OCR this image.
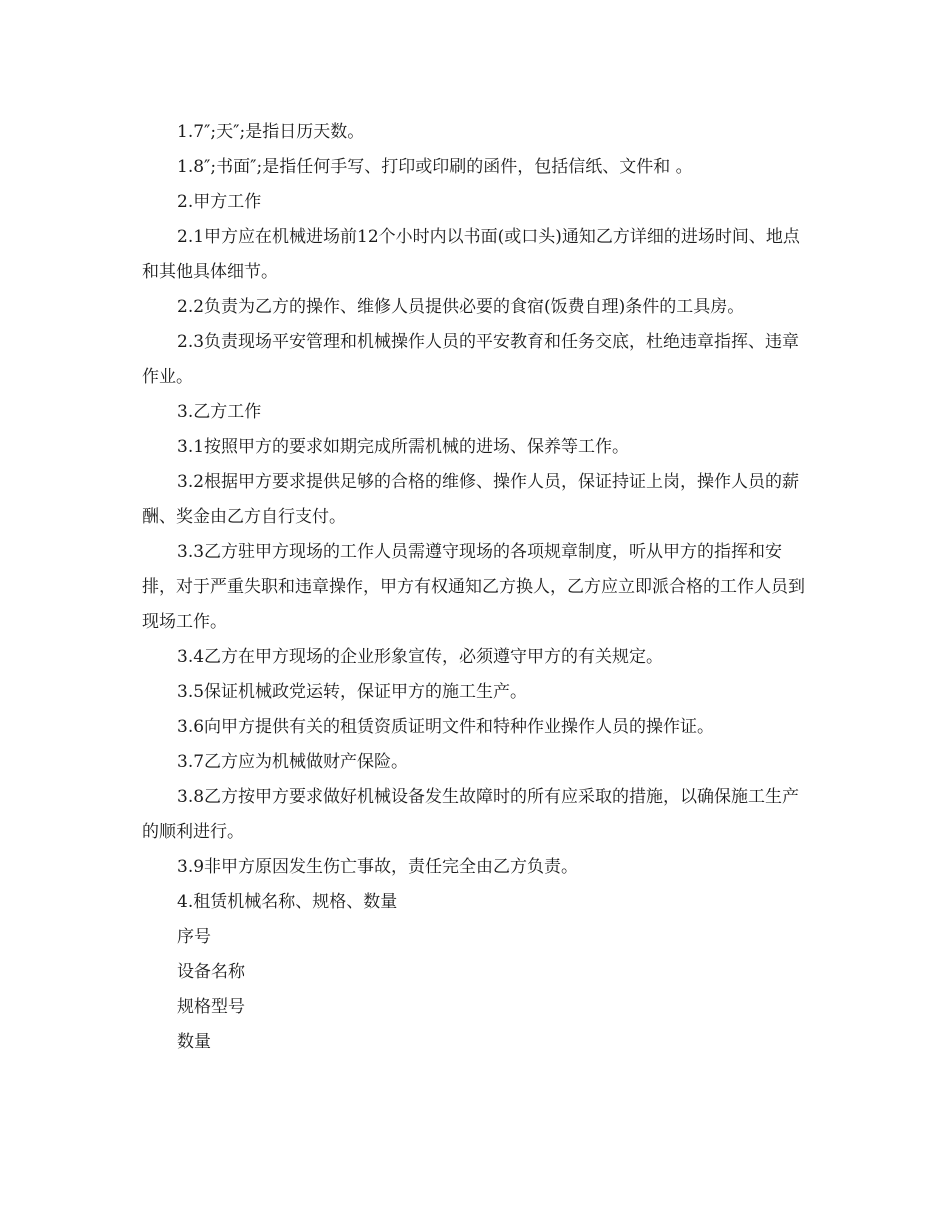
1.7″;天″;是指日历天数。

1.8″;书面″;是指任何手写、打印或印刷的函件，包括信纸、文件和 。

2.甲方工作

2.1甲方应在机械进场前12个小时内以书面(或口头)通知乙方详细的进场时间、地点和其他具体细节。

2.2负责为乙方的操作、维修人员提供必要的食宿(饭费自理)条件的工具房。

2.3负责现场平安管理和机械操作人员的平安教育和任务交底，杜绝违章指挥、违章作业。

3.乙方工作

3.1按照甲方的要求如期完成所需机械的进场、保养等工作。

3.2根据甲方要求提供足够的合格的维修、操作人员，保证持证上岗，操作人员的薪酬、奖金由乙方自行支付。

3.3乙方驻甲方现场的工作人员需遵守现场的各项规章制度，听从甲方的指挥和安排，对于严重失职和违章操作，甲方有权通知乙方换人，乙方应立即派合格的工作人员到现场工作。

3.4乙方在甲方现场的企业形象宣传，必须遵守甲方的有关规定。

3.5保证机械政党运转，保证甲方的施工生产。

3.6向甲方提供有关的租赁资质证明文件和特种作业操作人员的操作证。

3.7乙方应为机械做财产保险。

3.8乙方按甲方要求做好机械设备发生故障时的所有应采取的措施，以确保施工生产的顺利进行。

3.9非甲方原因发生伤亡事故，责任完全由乙方负责。

4.租赁机械名称、规格、数量

序号

设备名称

规格型号

数量
